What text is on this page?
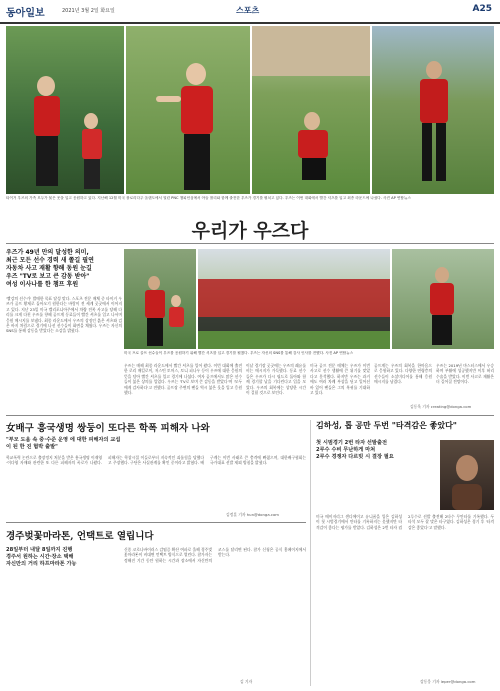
동아일보	2021년 3월 2일 화요일	스포츠	A25
타이거 우즈의 가족 모두가 붉은 옷을 입고 응원하고 있다. 지난해 12월 미국 플로리다주 올랜도에서 열린 PNC 챔피언십에서 아들 찰리와 함께 출전한 우즈가 경기를 펼치고 있다. 우즈는 이번 대회에서 빨간 셔츠를 입고 최종 라운드에 나섰다. 사진 AP 연합뉴스
우리가 우즈다
우즈가 49년 만의 달성한 의미,
최근 모든 선수 경력 새 쫄길 필연
자동차 사고 재활 향해 동원 눈길
우즈 "TV로 보고 큰 감동 받아"
여성 이사나를 한 챔프 후원
미국 프로 골프 선수들이 우즈를 응원하기 위해 빨간 셔츠를 입고 경기를 펼쳤다. 우즈는 자신의 SNS를 통해 감사 인사를 전했다. 사진 AP 연합뉴스
'빨강의 선수가' 발매한 목표 달성 맞다. 스포츠 전문 매체 중 타이거 우즈가 골프 황제로 돌아오기 원한다는 바람이 전 세계 곳곳에서 이어지고 있다. 지난 23일 미국 캘리포니아주에서 차량 전복 사고를 당해 다리를 크게 다친 우즈를 향해 골프계 동료들이 빨간 셔츠를 입고 나서며 응원 메시지를 보냈다. 최종 라운드에서 우즈의 상징인 붉은 셔츠와 검은 바지 차림으로 경기에 나선 선수들이 화면을 채웠다. 우즈는 자신의 SNS를 통해 감동을 받았다는 소감을 밝혔다.
우즈는 매해 최종 라운드에서 빨간 셔츠를 입어 왔다. 이번 대회에 출전한 로리 매킬로이, 저스틴 토머스, 토니 피나우 등이 우즈에 대한 응원의 뜻을 담아 빨간 셔츠를 입고 경기에 나섰다. 여자 골프에서도 많은 선수들이 붉은 상의를 입었다. 우즈는 'TV로 보며 큰 감동을 받았다'며 '모두에게 감사하다'고 전했다. 골프장 주변의 팬들 역시 붉은 옷을 입고 응원했다.
이날 경기장 곳곳에는 우즈의 쾌유를 비는 메시지가 가득했다. 동료 선수들은 우즈가 다시 필드로 돌아와 함께 경기할 날을 기다린다고 입을 모았다. 우즈의 회복에는 상당한 시간이 걸릴 것으로 보인다.
미국 골프 전문 매체는 우즈가 이번 사고로 선수 생활에 큰 위기를 맞았다고 분석했다. 하지만 우즈는 과거에도 여러 차례 부상을 딛고 일어선 바 있어 팬들은 그의 복귀를 기대하고 있다.
골프계는 우즈의 회복을 한마음으로 응원하고 있다. 다양한 연령층의 선수들이 소셜미디어를 통해 응원 메시지를 남겼다.
우즈는 2019년 마스터스에서 우승하며 부활에 성공했지만 이후 허리 수술을 받았다. 이번 사고로 재활은 더 길어질 전망이다.
김동욱 기자 creating@donga.com
女배구 흥국생명 쌍둥이 또다른 학폭 피해자 나와
"부모 도움 속 중·수준 운영 에 대한 피해자의 교섭이 된 한 진 협박 출발"
학교폭력 논란으로 출장정지 처분을 받은 흥국생명 이재영·이다영 자매와 관련한 또 다른 피해자의 폭로가 나왔다. 피해자는 학창시절 이들로부터 지속적인 괴롭힘을 당했다고 주장했다. 구단은 사실관계를 확인 중이라고 밝혔다. 배구계는 이번 사태로 큰 충격에 빠졌으며, 대한배구협회는 국가대표 선발 제외 방침을 밝혔다.
김정훈 기자 hun@donga.com
김하성, 톱 공만 두번 "타격감은 좋았다"
첫 시범경기 2번 타자 선발출전
2루수 수비 무난하게 마쳐
2루수 경쟁자 다르빗 시 결장 필요
미국 메이저리그 샌디에이고 유니폼을 입은 김하성이 첫 시범경기에서 안타를 기록하지는 못했지만 타격감이 좋다는 평가를 받았다. 김하성은 2번 타자 겸 2루수로 선발 출전해 2타수 무안타를 기록했다. 두 타석 모두 잘 맞은 타구였다. 김하성은 경기 후 '타격감은 좋았다'고 말했다.
강동웅 기자 leper@donga.com
경주벚꽃마라톤, 언택트로 열립니다
28일부터 내달 8일까지 진행
경주서 원하는 시간·장소 택해
자신만의 거리 하프마라톤 가능
신종 코로나바이러스 감염증 확산 여파로 올해 경주벚꽃마라톤이 비대면 언택트 방식으로 열린다. 참가자는 정해진 기간 동안 원하는 시간과 장소에서 자신만의 코스를 달리면 된다. 참가 신청은 공식 홈페이지에서 받는다.
김 기자
